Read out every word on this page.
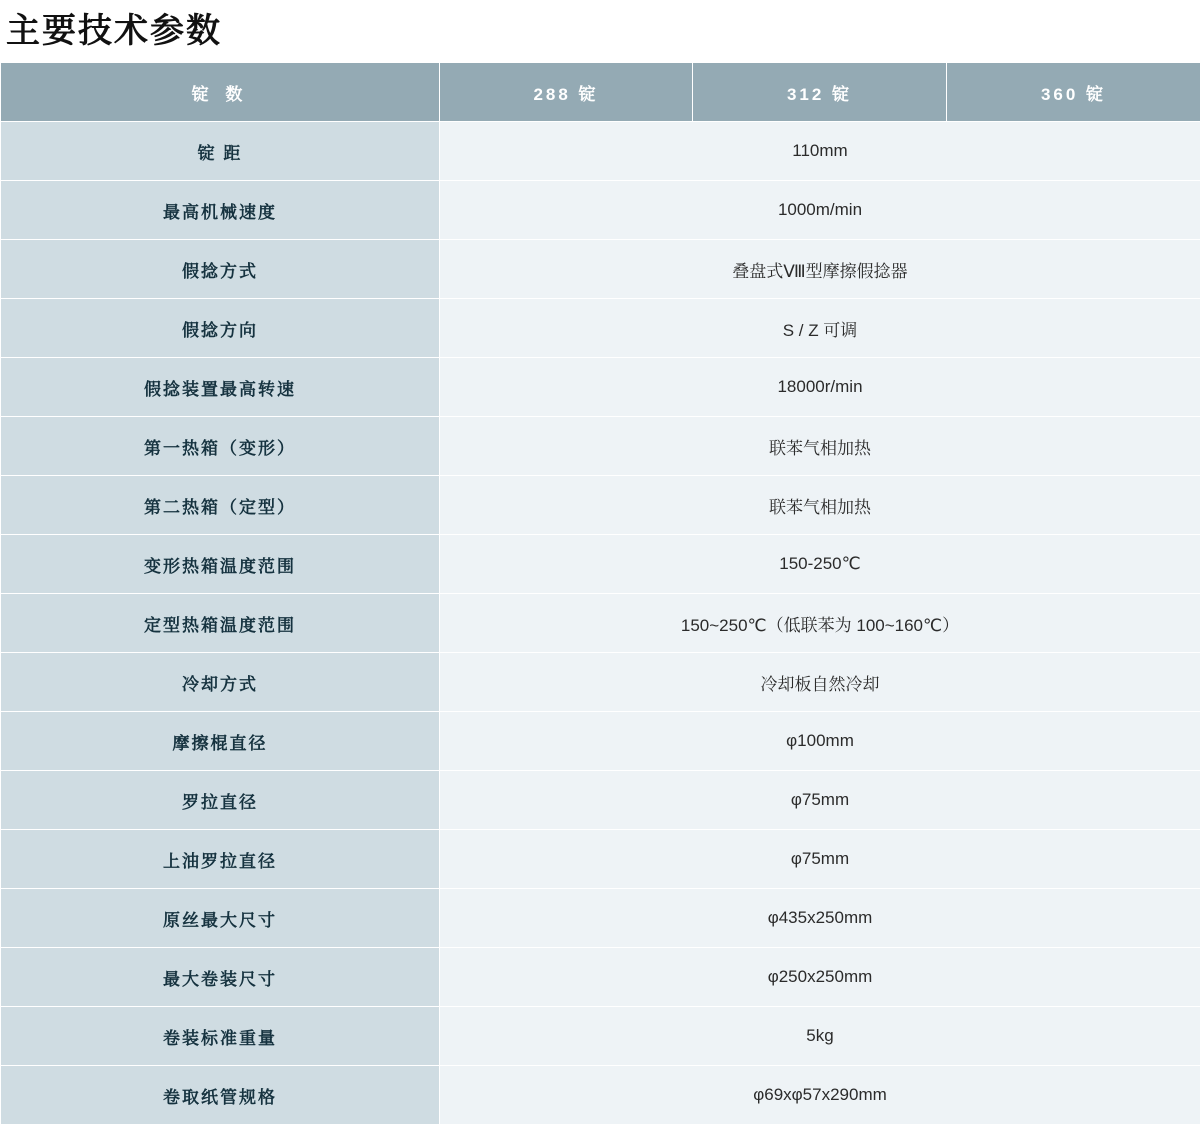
主要技术参数
锭 数	288 锭	312 锭	360 锭
锭 距	110mm		
最高机械速度	1000m/min		
假捻方式	叠盘式Ⅷ型摩擦假捻器		
假捻方向	S / Z 可调		
假捻装置最高转速	18000r/min		
第一热箱（变形）	联苯气相加热		
第二热箱（定型）	联苯气相加热		
变形热箱温度范围	150-250℃		
定型热箱温度范围	150~250℃（低联苯为 100~160℃）		
冷却方式	冷却板自然冷却		
摩擦棍直径	φ100mm		
罗拉直径	φ75mm		
上油罗拉直径	φ75mm		
原丝最大尺寸	φ435x250mm		
最大卷装尺寸	φ250x250mm		
卷装标准重量	5kg		
卷取纸管规格	φ69xφ57x290mm		
